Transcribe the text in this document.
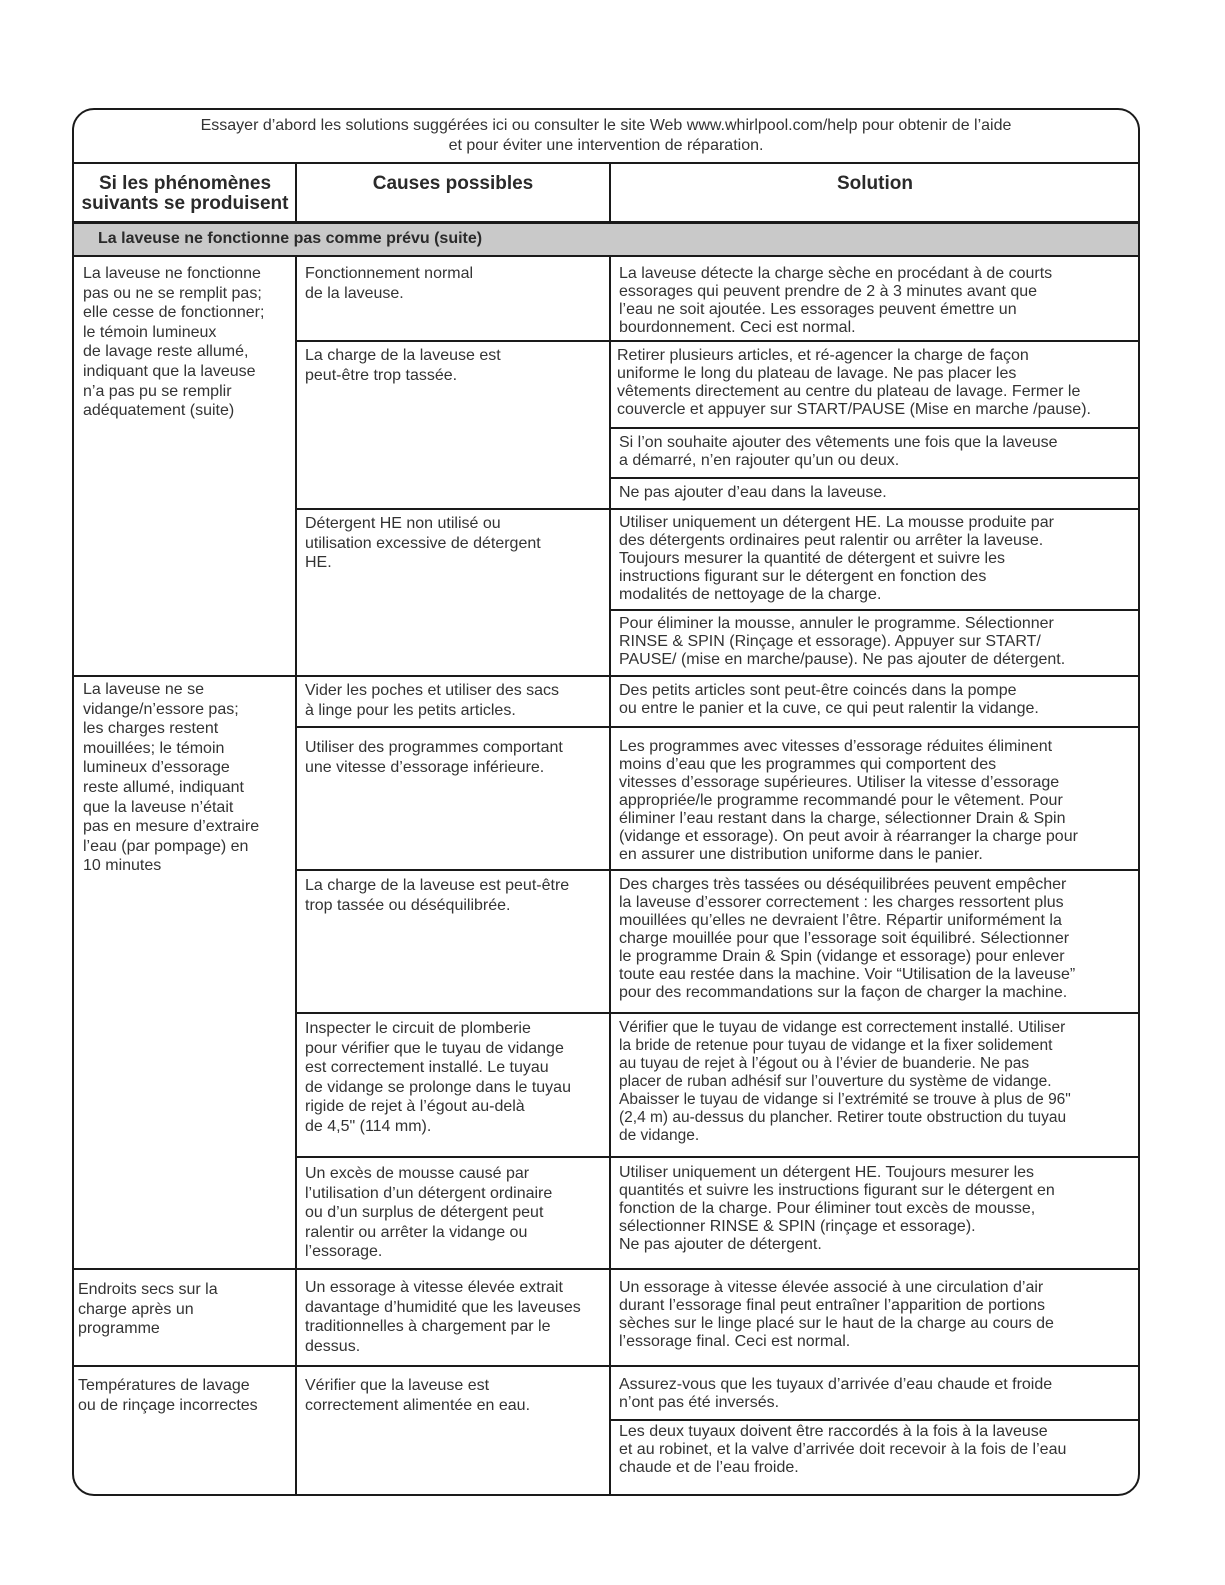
Essayer d’abord les solutions suggérées ici ou consulter le site Web www.whirlpool.com/help pour obtenir de l’aide
et pour éviter une intervention de réparation.
Si les phénomènes
suivants se produisent
Causes possibles	Solution
La laveuse ne fonctionne pas comme prévu (suite)
La laveuse ne fonctionne
pas ou ne se remplit pas;
elle cesse de fonctionner;
le témoin lumineux
de lavage reste allumé,
indiquant que la laveuse
n’a pas pu se remplir
adéquatement (suite)
La laveuse ne se
vidange/n’essore pas;
les charges restent
mouillées; le témoin
lumineux d’essorage
reste allumé, indiquant
que la laveuse n’était
pas en mesure d’extraire
l’eau (par pompage) en
10 minutes
Endroits secs sur la
charge après un
programme
Températures de lavage
ou de rinçage incorrectes
Fonctionnement normal
de la laveuse.
La charge de la laveuse est
peut-être trop tassée.
Détergent HE non utilisé ou
utilisation excessive de détergent
HE.
Vider les poches et utiliser des sacs
à linge pour les petits articles.
Utiliser des programmes comportant
une vitesse d’essorage inférieure.
La charge de la laveuse est peut-être
trop tassée ou déséquilibrée.
Inspecter le circuit de plomberie
pour vérifier que le tuyau de vidange
est correctement installé. Le tuyau
de vidange se prolonge dans le tuyau
rigide de rejet à l’égout au-delà
de 4,5" (114 mm).
Un excès de mousse causé par
l’utilisation d’un détergent ordinaire
ou d’un surplus de détergent peut
ralentir ou arrêter la vidange ou
l’essorage.
Un essorage à vitesse élevée extrait
davantage d’humidité que les laveuses
traditionnelles à chargement par le
dessus.
Vérifier que la laveuse est
correctement alimentée en eau.
La laveuse détecte la charge sèche en procédant à de courts
essorages qui peuvent prendre de 2 à 3 minutes avant que
l’eau ne soit ajoutée. Les essorages peuvent émettre un
bourdonnement. Ceci est normal.
Retirer plusieurs articles, et ré-agencer la charge de façon
uniforme le long du plateau de lavage. Ne pas placer les
vêtements directement au centre du plateau de lavage. Fermer le
couvercle et appuyer sur START/PAUSE (Mise en marche /pause).
Si l’on souhaite ajouter des vêtements une fois que la laveuse
a démarré, n’en rajouter qu’un ou deux.
Ne pas ajouter d’eau dans la laveuse.
Utiliser uniquement un détergent HE. La mousse produite par
des détergents ordinaires peut ralentir ou arrêter la laveuse.
Toujours mesurer la quantité de détergent et suivre les
instructions figurant sur le détergent en fonction des
modalités de nettoyage de la charge.
Pour éliminer la mousse, annuler le programme. Sélectionner
RINSE & SPIN (Rinçage et essorage). Appuyer sur START/
PAUSE/ (mise en marche/pause). Ne pas ajouter de détergent.
Des petits articles sont peut-être coincés dans la pompe
ou entre le panier et la cuve, ce qui peut ralentir la vidange.
Les programmes avec vitesses d’essorage réduites éliminent
moins d’eau que les programmes qui comportent des
vitesses d’essorage supérieures. Utiliser la vitesse d’essorage
appropriée/le programme recommandé pour le vêtement. Pour
éliminer l’eau restant dans la charge, sélectionner Drain & Spin
(vidange et essorage). On peut avoir à réarranger la charge pour
en assurer une distribution uniforme dans le panier.
Des charges très tassées ou déséquilibrées peuvent empêcher
la laveuse d’essorer correctement : les charges ressortent plus
mouillées qu’elles ne devraient l’être. Répartir uniformément la
charge mouillée pour que l’essorage soit équilibré. Sélectionner
le programme Drain & Spin (vidange et essorage) pour enlever
toute eau restée dans la machine. Voir “Utilisation de la laveuse”
pour des recommandations sur la façon de charger la machine.
Vérifier que le tuyau de vidange est correctement installé. Utiliser
la bride de retenue pour tuyau de vidange et la fixer solidement
au tuyau de rejet à l’égout ou à l’évier de buanderie. Ne pas
placer de ruban adhésif sur l’ouverture du système de vidange.
Abaisser le tuyau de vidange si l’extrémité se trouve à plus de 96"
(2,4 m) au-dessus du plancher. Retirer toute obstruction du tuyau
de vidange.
Utiliser uniquement un détergent HE. Toujours mesurer les
quantités et suivre les instructions figurant sur le détergent en
fonction de la charge. Pour éliminer tout excès de mousse,
sélectionner RINSE & SPIN (rinçage et essorage).
Ne pas ajouter de détergent.
Un essorage à vitesse élevée associé à une circulation d’air
durant l’essorage final peut entraîner l’apparition de portions
sèches sur le linge placé sur le haut de la charge au cours de
l’essorage final. Ceci est normal.
Assurez-vous que les tuyaux d’arrivée d’eau chaude et froide
n’ont pas été inversés.
Les deux tuyaux doivent être raccordés à la fois à la laveuse
et au robinet, et la valve d’arrivée doit recevoir à la fois de l’eau
chaude et de l’eau froide.
